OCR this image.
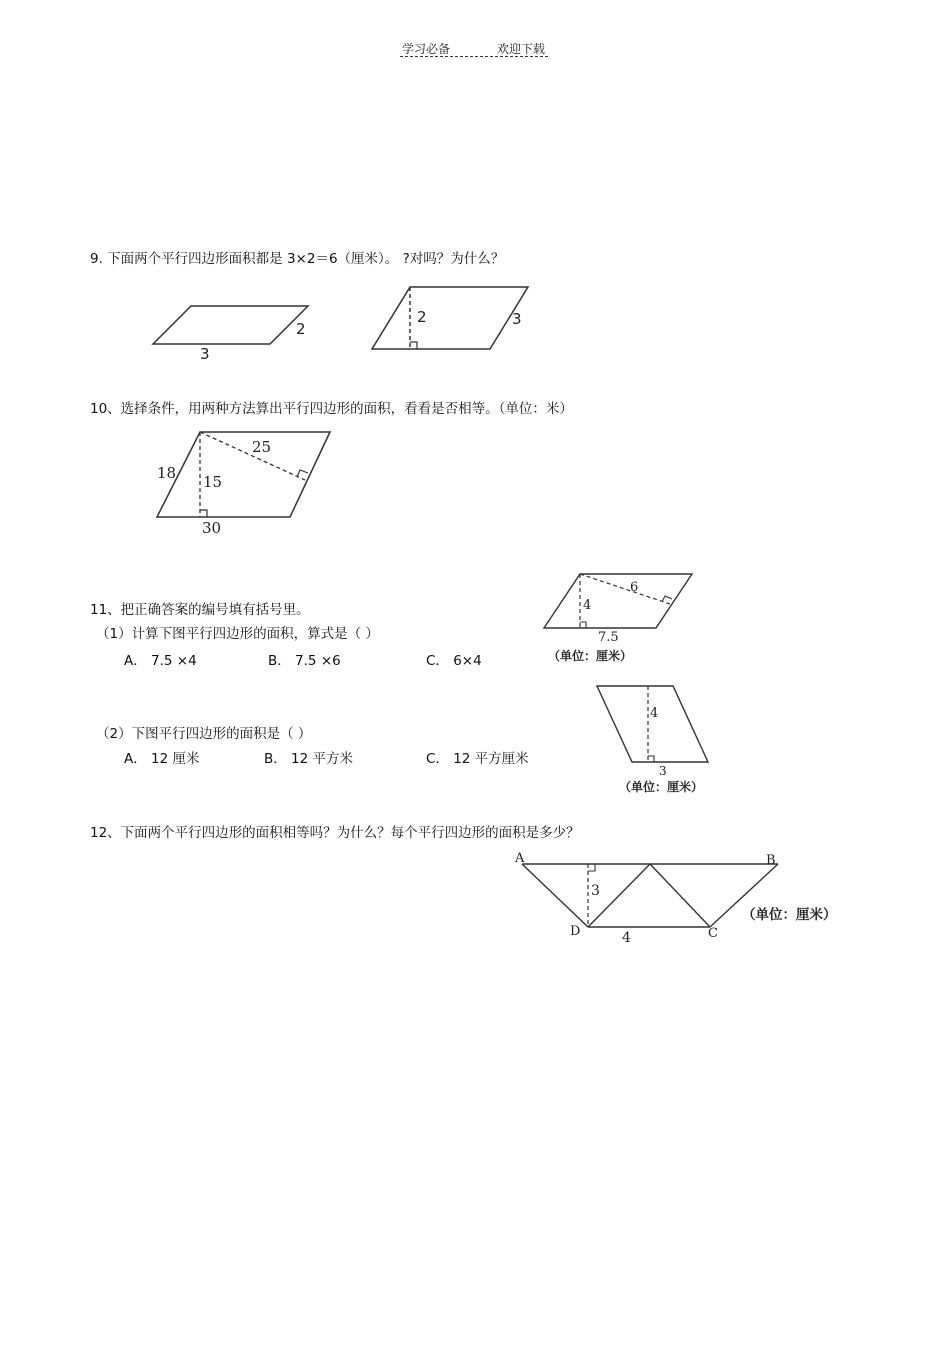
学习必备	欢迎下载
9. 下面两个平行四边形面积都是 3×2＝6（厘米）。 ?对吗？为什么？
3
2
2	3
10、选择条件，用两种方法算出平行四边形的面积，看看是否相等。（单位：米）
18 15
25
30
11、把正确答案的编号填有括号里。
（1）计算下图平行四边形的面积，算式是（ ）
A． 7.5 ×4	B． 7.5 ×6	C． 6×4
（2）下图平行四边形的面积是（ ）
A． 12 厘米	B． 12 平方米	C． 12 平方厘米
4
6
7.5
（单位：厘米）
4
3
（单位：厘米）
12、下面两个平行四边形的面积相等吗？为什么？每个平行四边形的面积是多少？
A	B
D	C
3
4
（单位：厘米）
